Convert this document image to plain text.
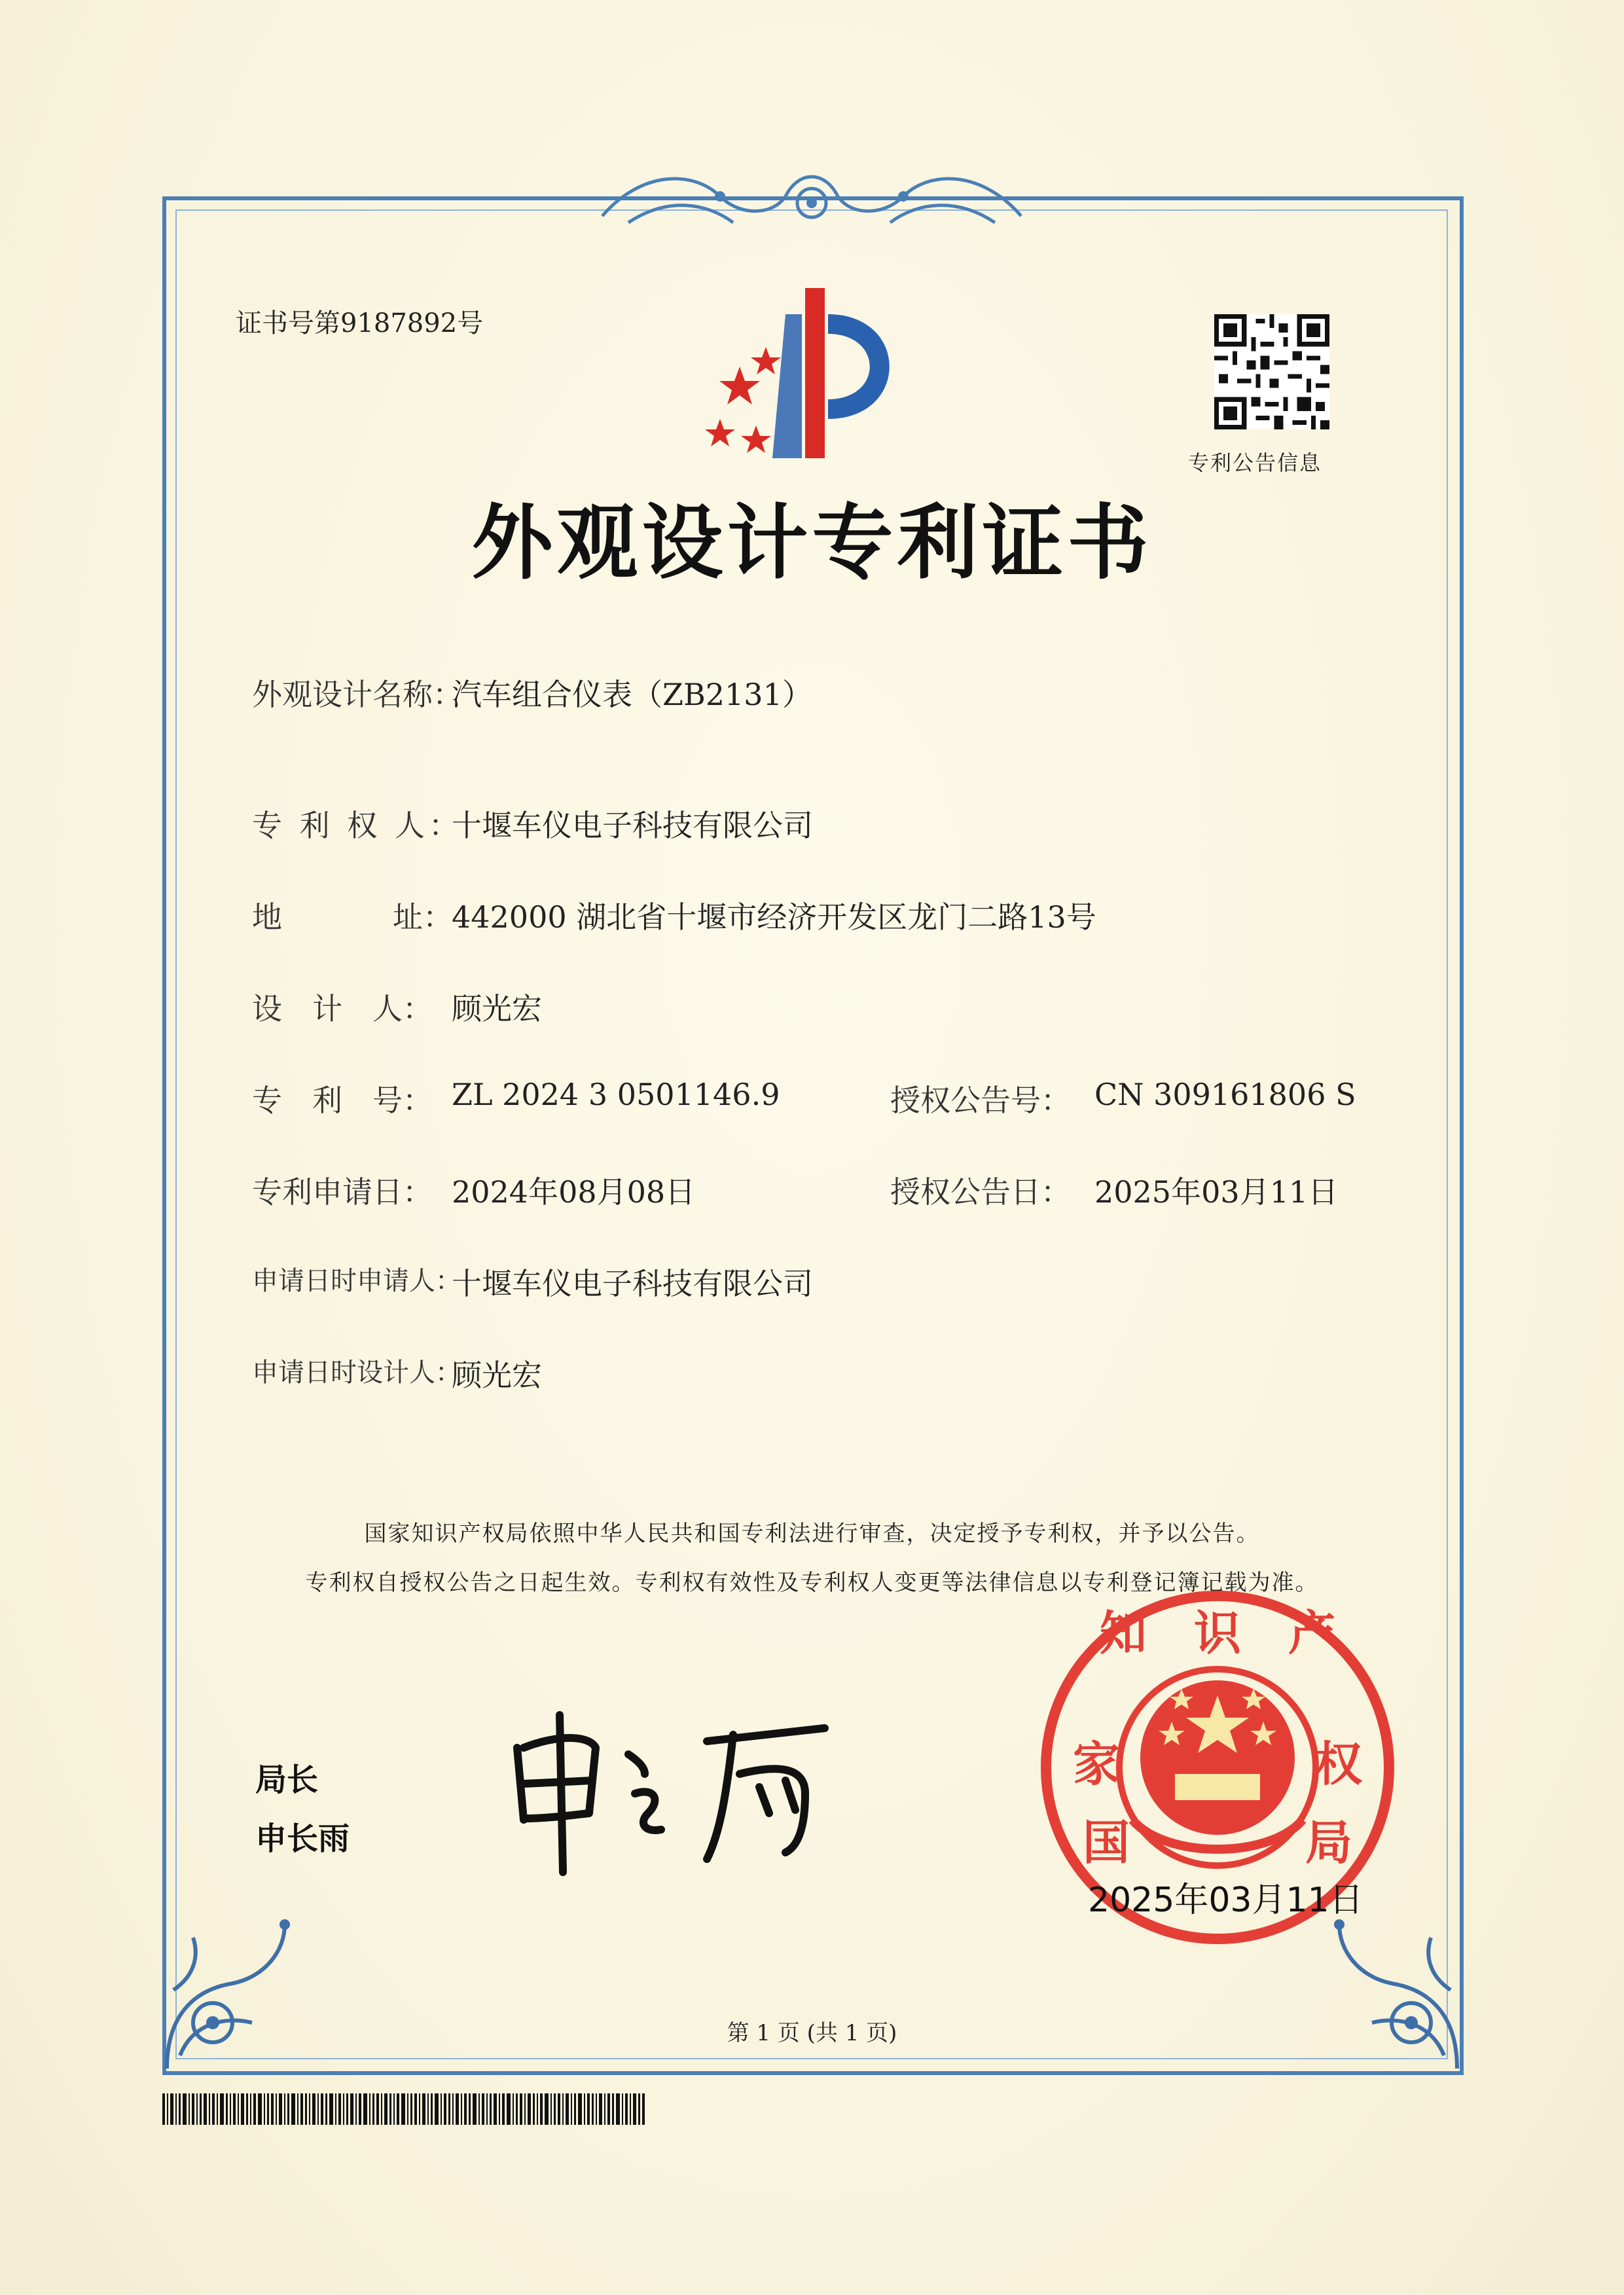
证书号第9187892号
专利公告信息
外观设计专利证书
外观设计名称：
汽车组合仪表（ZB2131）
专 利 权 人：
十堰车仪电子科技有限公司
地	址：
442000 湖北省十堰市经济开发区龙门二路13号
设　计　人： 顾光宏
专　利　号： ZL 2024 3 0501146.9	授权公告号： CN 309161806 S
专利申请日： 2024年08月08日	授权公告日： 2025年03月11日
申请日时申请人：
十堰车仪电子科技有限公司
申请日时设计人：
顾光宏
国家知识产权局依照中华人民共和国专利法进行审查，决定授予专利权，并予以公告。
专利权自授权公告之日起生效。专利权有效性及专利权人变更等法律信息以专利登记簿记载为准。
局长
申长雨
知　识　产
家	权
国	局
2025年03月11日
第 1 页 (共 1 页)
